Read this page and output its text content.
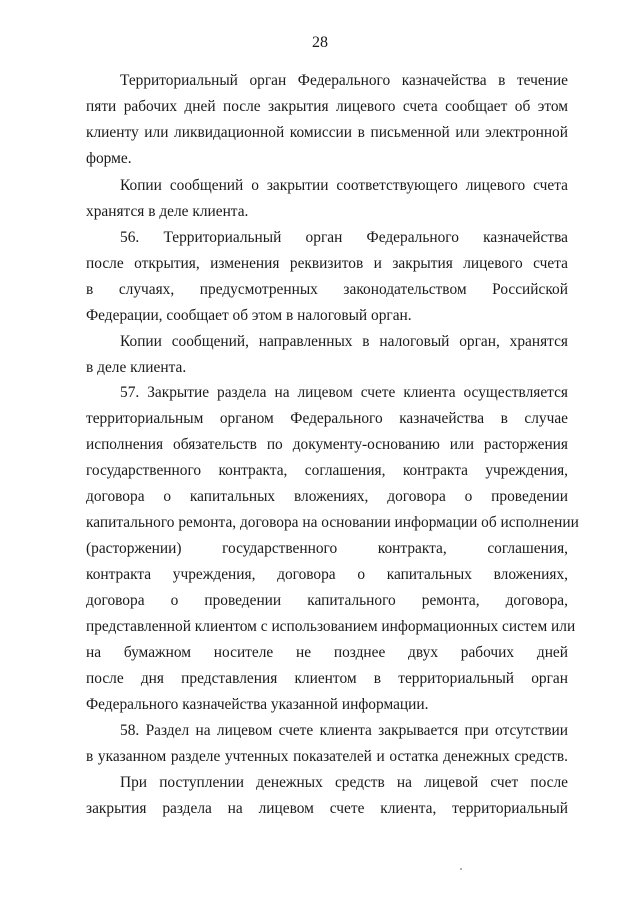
28
Территориальный орган Федерального казначейства в течение
пяти рабочих дней после закрытия лицевого счета сообщает об этом
клиенту или ликвидационной комиссии в письменной или электронной
форме.
Копии сообщений о закрытии соответствующего лицевого счета
хранятся в деле клиента.
56. Территориальный орган Федерального казначейства
после открытия, изменения реквизитов и закрытия лицевого счета
в случаях, предусмотренных законодательством Российской
Федерации, сообщает об этом в налоговый орган.
Копии сообщений, направленных в налоговый орган, хранятся
в деле клиента.
57. Закрытие раздела на лицевом счете клиента осуществляется
территориальным органом Федерального казначейства в случае
исполнения обязательств по документу-основанию или расторжения
государственного контракта, соглашения, контракта учреждения,
договора о капитальных вложениях, договора о проведении
капитального ремонта, договора на основании информации об исполнении
(расторжении) государственного контракта, соглашения,
контракта учреждения, договора о капитальных вложениях,
договора о проведении капитального ремонта, договора,
представленной клиентом с использованием информационных систем или
на бумажном носителе не позднее двух рабочих дней
после дня представления клиентом в территориальный орган
Федерального казначейства указанной информации.
58. Раздел на лицевом счете клиента закрывается при отсутствии
в указанном разделе учтенных показателей и остатка денежных средств.
При поступлении денежных средств на лицевой счет после
закрытия раздела на лицевом счете клиента, территориальный
